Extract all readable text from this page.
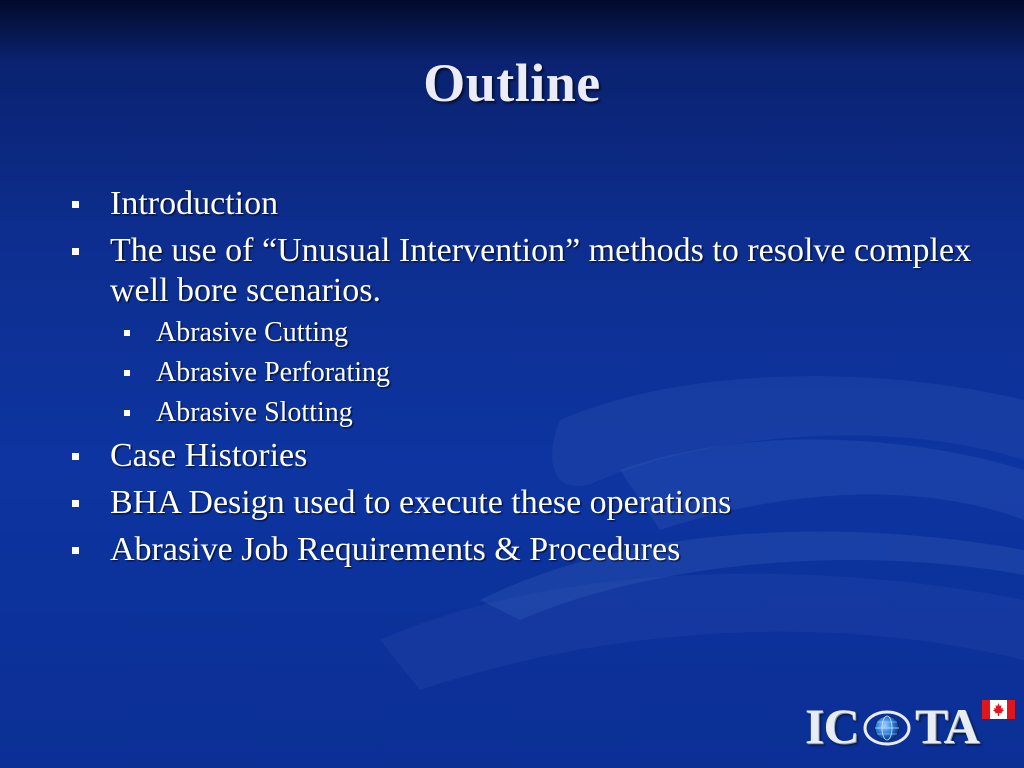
Outline
Introduction
The use of “Unusual Intervention” methods to resolve complex well bore scenarios.
Abrasive Cutting
Abrasive Perforating
Abrasive Slotting
Case Histories
BHA Design used to execute these operations
Abrasive Job Requirements & Procedures
IC TA
